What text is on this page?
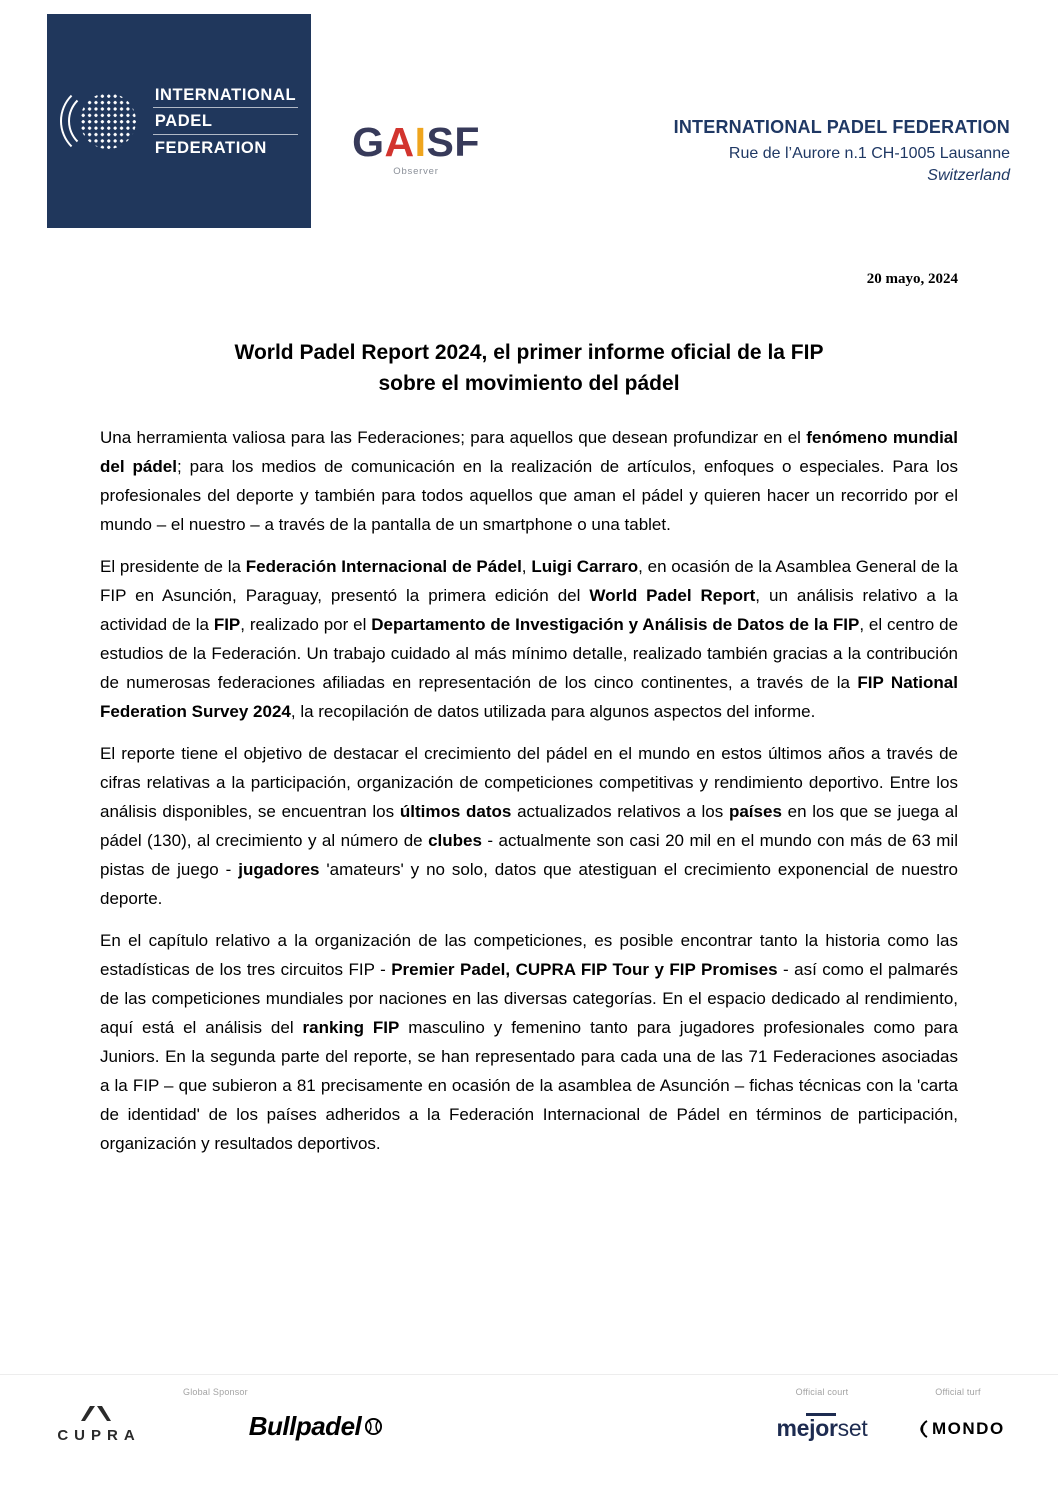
INTERNATIONAL
PADEL
FEDERATION	GAISF
Observer
INTERNATIONAL PADEL FEDERATION
Rue de l’Aurore n.1 CH-1005 Lausanne
Switzerland
20 mayo, 2024
World Padel Report 2024, el primer informe oficial de la FIP
sobre el movimiento del pádel

Una herramienta valiosa para las Federaciones; para aquellos que desean profundizar en el fenómeno mundial del pádel; para los medios de comunicación en la realización de artículos, enfoques o especiales. Para los profesionales del deporte y también para todos aquellos que aman el pádel y quieren hacer un recorrido por el mundo – el nuestro – a través de la pantalla de un smartphone o una tablet.

El presidente de la Federación Internacional de Pádel, Luigi Carraro, en ocasión de la Asamblea General de la FIP en Asunción, Paraguay, presentó la primera edición del World Padel Report, un análisis relativo a la actividad de la FIP, realizado por el Departamento de Investigación y Análisis de Datos de la FIP, el centro de estudios de la Federación. Un trabajo cuidado al más mínimo detalle, realizado también gracias a la contribución de numerosas federaciones afiliadas en representación de los cinco continentes, a través de la FIP National Federation Survey 2024, la recopilación de datos utilizada para algunos aspectos del informe.

El reporte tiene el objetivo de destacar el crecimiento del pádel en el mundo en estos últimos años a través de cifras relativas a la participación, organización de competiciones competitivas y rendimiento deportivo. Entre los análisis disponibles, se encuentran los últimos datos actualizados relativos a los países en los que se juega al pádel (130), al crecimiento y al número de clubes - actualmente son casi 20 mil en el mundo con más de 63 mil pistas de juego - jugadores 'amateurs' y no solo, datos que atestiguan el crecimiento exponencial de nuestro deporte.

En el capítulo relativo a la organización de las competiciones, es posible encontrar tanto la historia como las estadísticas de los tres circuitos FIP - Premier Padel, CUPRA FIP Tour y FIP Promises - así como el palmarés de las competiciones mundiales por naciones en las diversas categorías. En el espacio dedicado al rendimiento, aquí está el análisis del ranking FIP masculino y femenino tanto para jugadores profesionales como para Juniors. En la segunda parte del reporte, se han representado para cada una de las 71 Federaciones asociadas a la FIP – que subieron a 81 precisamente en ocasión de la asamblea de Asunción – fichas técnicas con la 'carta de identidad' de los países adheridos a la Federación Internacional de Pádel en términos de participación, organización y resultados deportivos.

Global Sponsor	Official court	Official turf
CUPRA	Bullpadel	mejorset	MONDO
